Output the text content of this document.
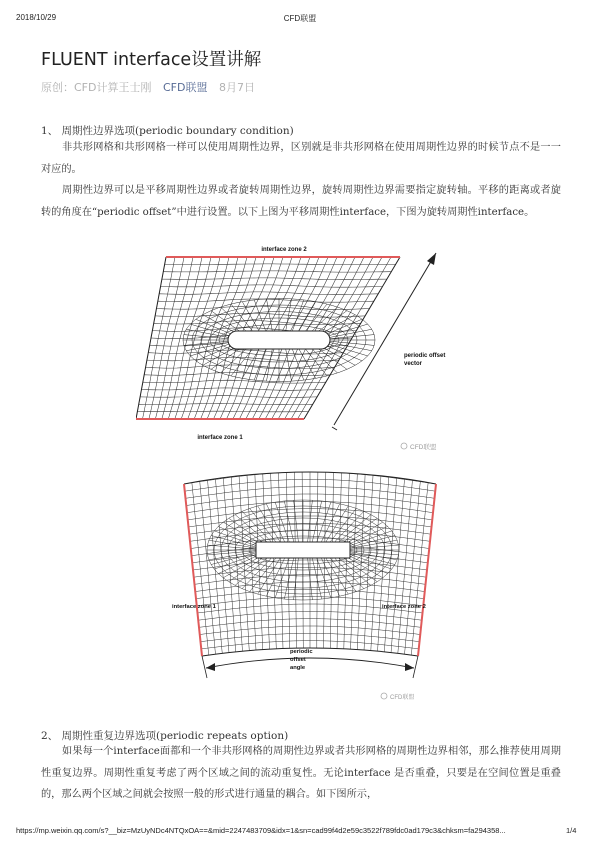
2018/10/29	CFD联盟
FLUENT interface设置讲解
原创：CFD计算王士刚 CFD联盟 8月7日
1、 周期性边界选项(periodic boundary condition)

非共形网格和共形网格一样可以使用周期性边界，区别就是非共形网格在使用周期性边界的时候节点不是一一对应的。

周期性边界可以是平移周期性边界或者旋转周期性边界，旋转周期性边界需要指定旋转轴。平移的距离或者旋转的角度在“periodic offset”中进行设置。以下上图为平移周期性interface，下图为旋转周期性interface。

interface zone 2
interface zone 1
periodic offset
vector
CFD联盟
interface zone 1	interface zone 2
periodic
offset
angle
CFD联盟
2、 周期性重复边界选项(periodic repeats option)

如果每一个interface面都和一个非共形网格的周期性边界或者共形网格的周期性边界相邻，那么推荐使用周期性重复边界。周期性重复考虑了两个区域之间的流动重复性。无论interface 是否重叠，只要是在空间位置是重叠的，那么两个区域之间就会按照一般的形式进行通量的耦合。如下图所示，

https://mp.weixin.qq.com/s?__biz=MzUyNDc4NTQxOA==&mid=2247483709&idx=1&sn=cad99f4d2e59c3522f789fdc0ad179c3&chksm=fa294358...	1/4
